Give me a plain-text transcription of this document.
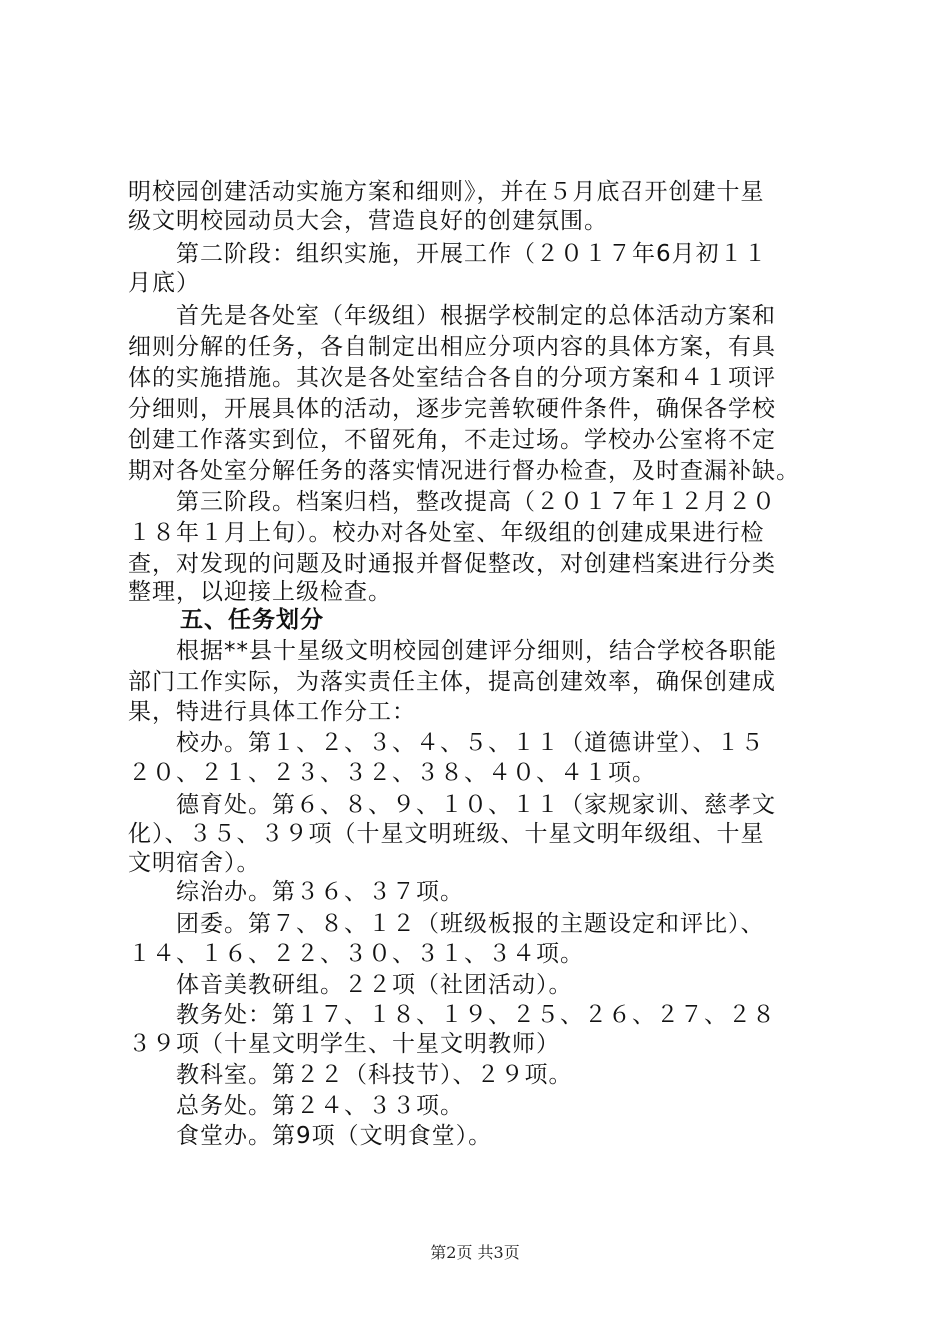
明校园创建活动实施方案和细则》，并在５月底召开创建十星
级文明校园动员大会，营造良好的创建氛围。
　　第二阶段：组织实施，开展工作（２０１７年6月初１１
月底）
　　首先是各处室（年级组）根据学校制定的总体活动方案和
细则分解的任务，各自制定出相应分项内容的具体方案，有具
体的实施措施。其次是各处室结合各自的分项方案和４１项评
分细则，开展具体的活动，逐步完善软硬件条件，确保各学校
创建工作落实到位，不留死角，不走过场。学校办公室将不定
期对各处室分解任务的落实情况进行督办检查，及时查漏补缺。
　　第三阶段。档案归档，整改提高（２０１７年１２月２０
１８年１月上旬）。校办对各处室、年级组的创建成果进行检
查，对发现的问题及时通报并督促整改，对创建档案进行分类
整理，以迎接上级检查。
五、任务划分
　　根据**县十星级文明校园创建评分细则，结合学校各职能
部门工作实际，为落实责任主体，提高创建效率，确保创建成
果，特进行具体工作分工：
　　校办。第１、２、３、４、５、１１（道德讲堂）、１５
２０、２１、２３、３２、３８、４０、４１项。
　　德育处。第６、８、９、１０、１１（家规家训、慈孝文
化）、３５、３９项（十星文明班级、十星文明年级组、十星
文明宿舍）。
　　综治办。第３６、３７项。
　　团委。第７、８、１２（班级板报的主题设定和评比）、
１４、１６、２２、３０、３１、３４项。
　　体音美教研组。２２项（社团活动）。
　　教务处：第１７、１８、１９、２５、２６、２７、２８
３９项（十星文明学生、十星文明教师）
　　教科室。第２２（科技节）、２９项。
　　总务处。第２４、３３项。
　　食堂办。第9项（文明食堂）。
第2页 共3页
